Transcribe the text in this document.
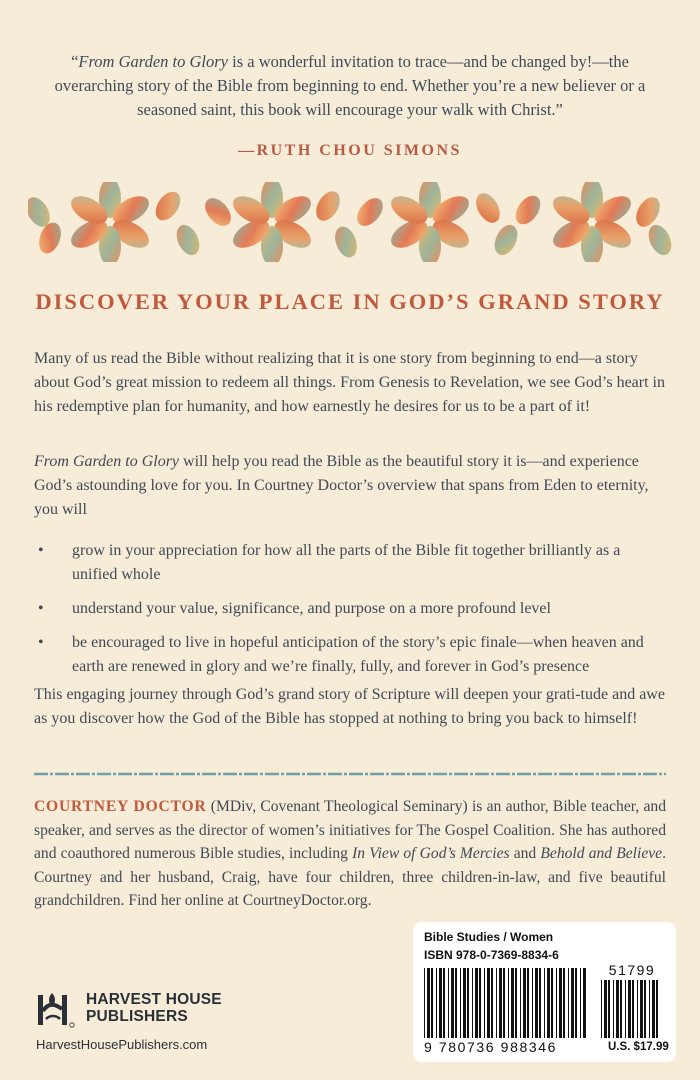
“From Garden to Glory is a wonderful invitation to trace—and be changed by!—the overarching story of the Bible from beginning to end. Whether you’re a new believer or a seasoned saint, this book will encourage your walk with Christ.”
—RUTH CHOU SIMONS
DISCOVER YOUR PLACE IN GOD’S GRAND STORY
Many of us read the Bible without realizing that it is one story from beginning to end—a story about God’s great mission to redeem all things. From Genesis to Revelation, we see God’s heart in his redemptive plan for humanity, and how earnestly he desires for us to be a part of it!
From Garden to Glory will help you read the Bible as the beautiful story it is—and experience God’s astounding love for you. In Courtney Doctor’s overview that spans from Eden to eternity, you will
• grow in your appreciation for how all the parts of the Bible fit together brilliantly as a unified whole
• understand your value, significance, and purpose on a more profound level
• be encouraged to live in hopeful anticipation of the story’s epic finale—when heaven and earth are renewed in glory and we’re finally, fully, and forever in God’s presence
This engaging journey through God’s grand story of Scripture will deepen your grati-tude and awe as you discover how the God of the Bible has stopped at nothing to bring you back to himself!
COURTNEY DOCTOR (MDiv, Covenant Theological Seminary) is an author, Bible teacher, and speaker, and serves as the director of women’s initiatives for The Gospel Coalition. She has authored and coauthored numerous Bible studies, including In View of God’s Mercies and Behold and Believe. Courtney and her husband, Craig, have four children, three children-in-law, and five beautiful grandchildren. Find her online at CourtneyDoctor.org.
HARVEST HOUSE
PUBLISHERS
HarvestHousePublishers.com
Bible Studies / Women
ISBN 978-0-7369-8834-6
51799
9 780736 988346	U.S. $17.99
